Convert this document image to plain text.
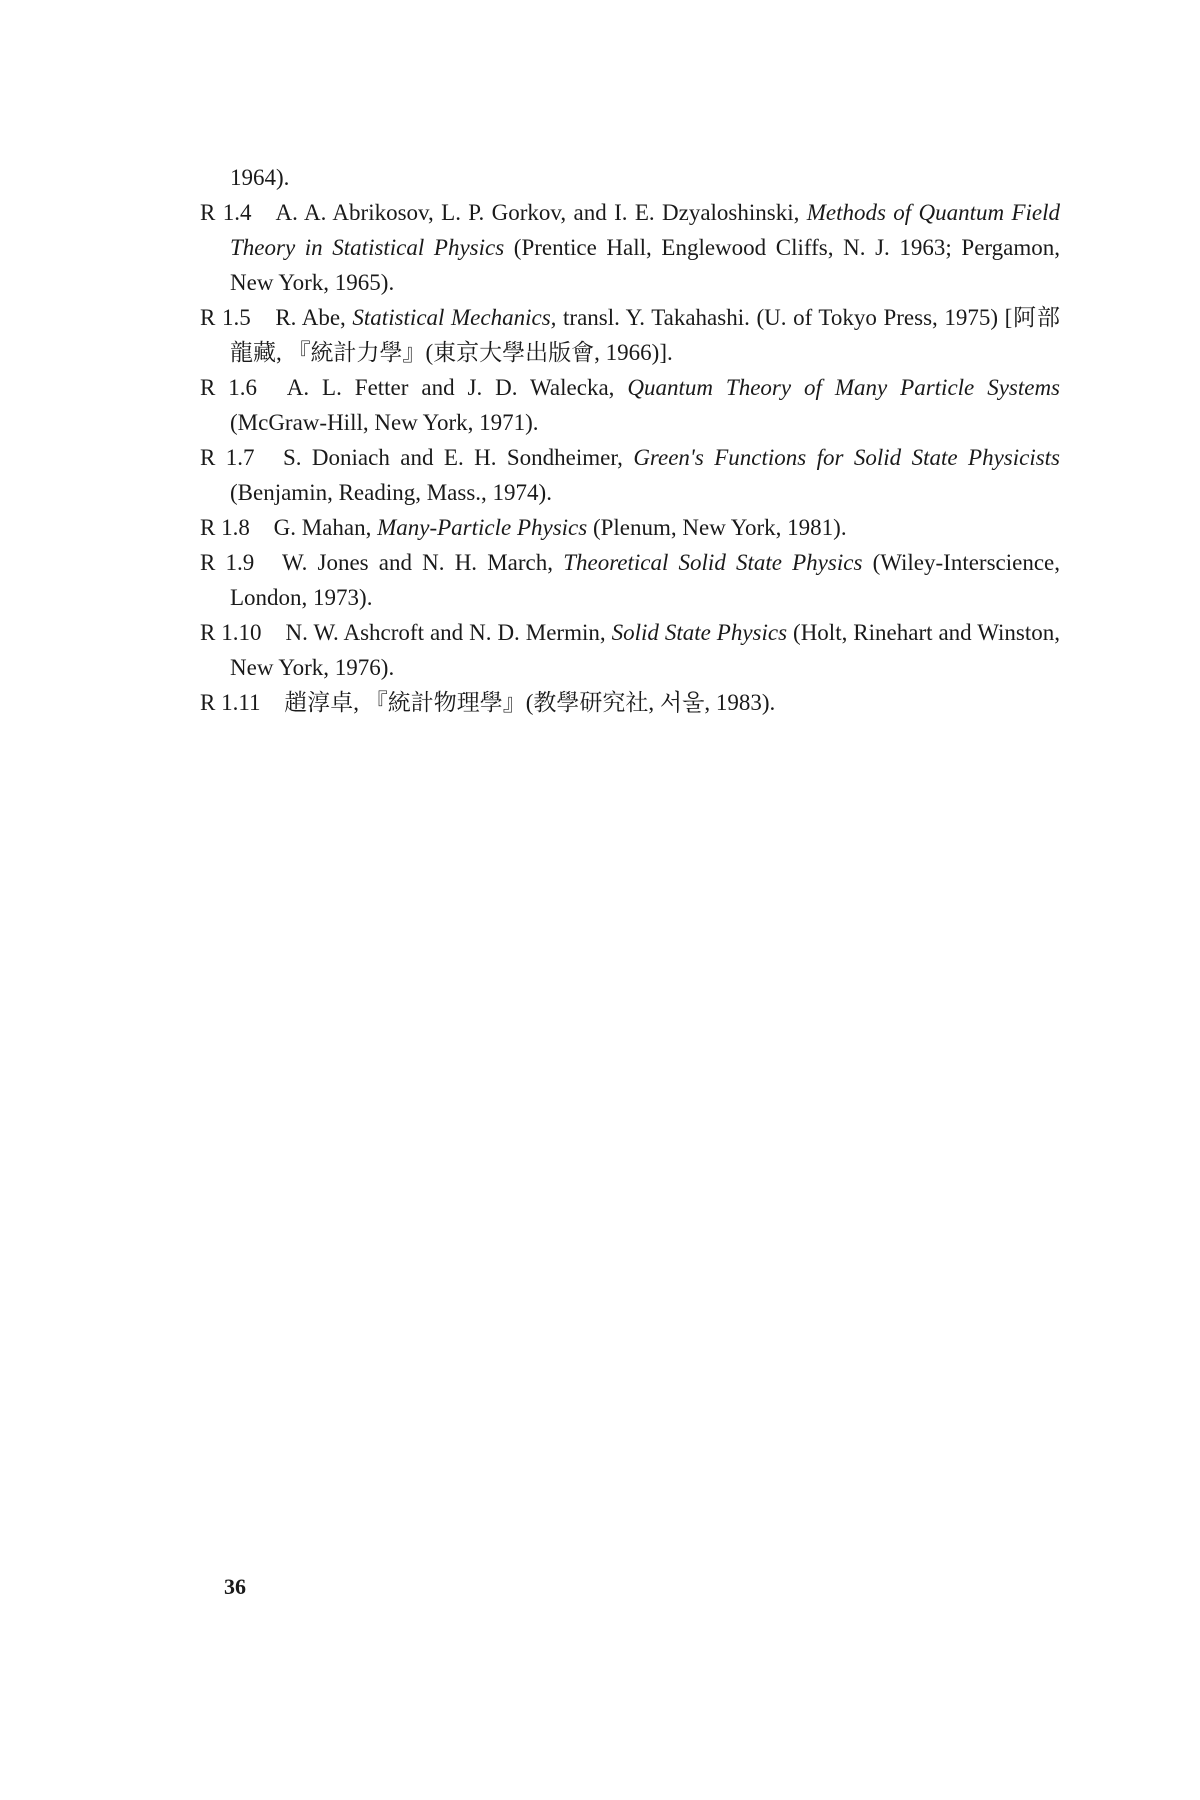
1964).

R 1.4 A. A. Abrikosov, L. P. Gorkov, and I. E. Dzyaloshinski, Methods of Quantum Field Theory in Statistical Physics (Prentice Hall, Englewood Cliffs, N. J. 1963; Pergamon, New York, 1965).

R 1.5 R. Abe, Statistical Mechanics, transl. Y. Takahashi. (U. of Tokyo Press, 1975) [阿部龍藏, 『統計力學』(東京大學出版會, 1966)].

R 1.6 A. L. Fetter and J. D. Walecka, Quantum Theory of Many Particle Systems (McGraw-Hill, New York, 1971).

R 1.7 S. Doniach and E. H. Sondheimer, Green's Functions for Solid State Physicists (Benjamin, Reading, Mass., 1974).

R 1.8 G. Mahan, Many-Particle Physics (Plenum, New York, 1981).

R 1.9 W. Jones and N. H. March, Theoretical Solid State Physics (Wiley-Interscience, London, 1973).

R 1.10 N. W. Ashcroft and N. D. Mermin, Solid State Physics (Holt, Rinehart and Winston, New York, 1976).

R 1.11 趙淳卓, 『統計物理學』(教學研究社, 서울, 1983).

36
